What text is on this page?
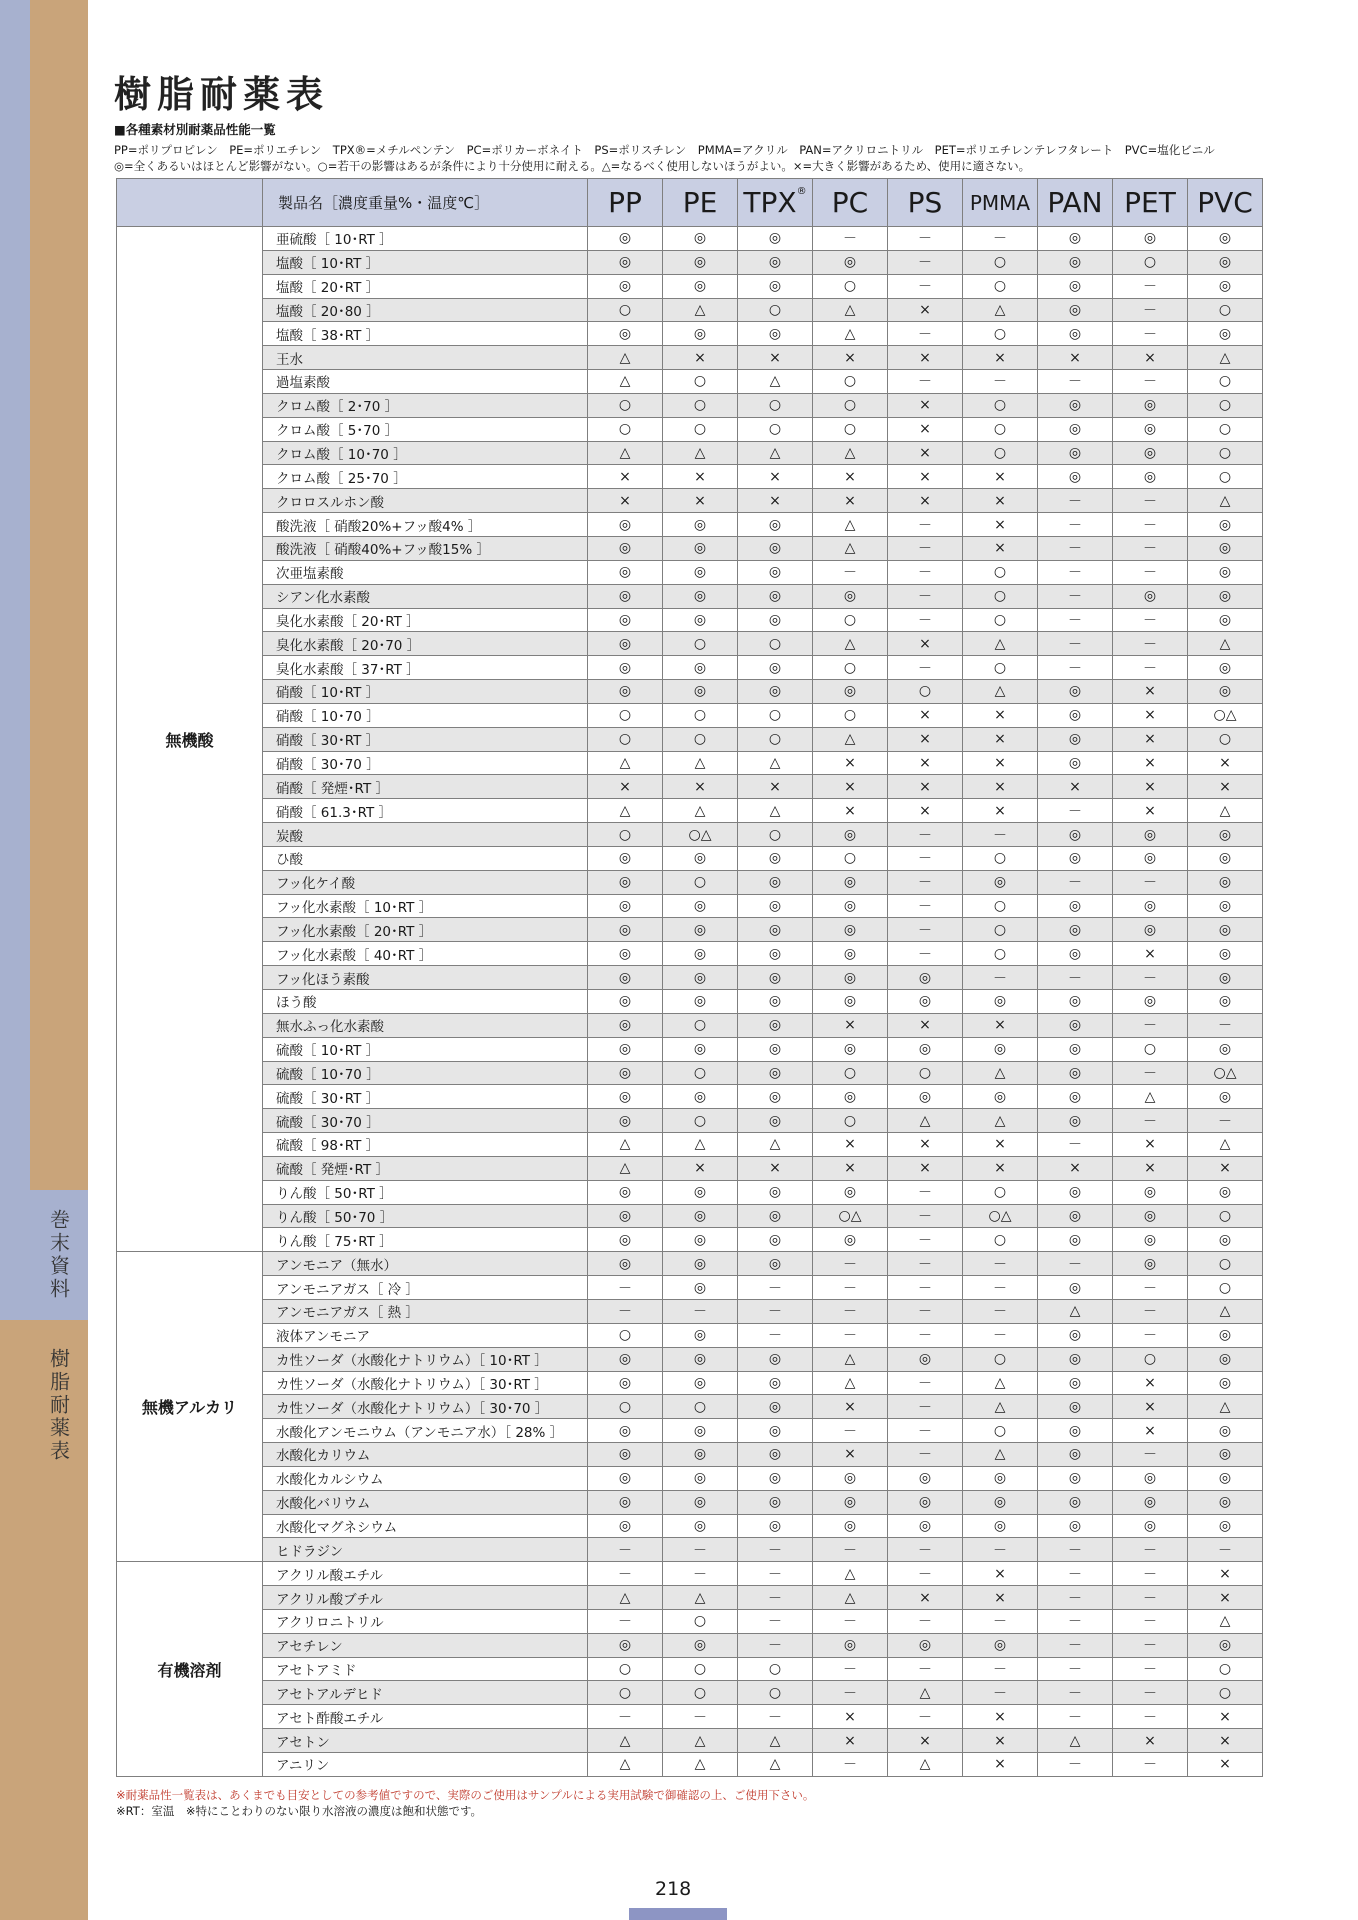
巻末資料
樹脂耐薬表
樹脂耐薬表
■各種素材別耐薬品性能一覧
PP=ポリプロピレン　PE=ポリエチレン　TPX®=メチルペンテン　PC=ポリカーボネイト　PS=ポリスチレン　PMMA=アクリル　PAN=アクリロニトリル　PET=ポリエチレンテレフタレート　PVC=塩化ビニル
◎=全くあるいはほとんど影響がない。○=若干の影響はあるが条件により十分使用に耐える。△=なるべく使用しないほうがよい。×=大きく影響があるため、使用に適さない。
	製品名［濃度重量%・温度℃］	PP	PE	TPX®	PC	PS	PMMA	PAN	PET	PVC
無機酸	亜硫酸［ 10･RT ］	◎	◎	◎	－	－	－	◎	◎	◎
	塩酸［ 10･RT ］	◎	◎	◎	◎	－	○	◎	○	◎
	塩酸［ 20･RT ］	◎	◎	◎	○	－	○	◎	－	◎
	塩酸［ 20･80 ］	○	△	○	△	×	△	◎	－	○
	塩酸［ 38･RT ］	◎	◎	◎	△	－	○	◎	－	◎
	王水	△	×	×	×	×	×	×	×	△
	過塩素酸	△	○	△	○	－	－	－	－	○
	クロム酸［ 2･70 ］	○	○	○	○	×	○	◎	◎	○
	クロム酸［ 5･70 ］	○	○	○	○	×	○	◎	◎	○
	クロム酸［ 10･70 ］	△	△	△	△	×	○	◎	◎	○
	クロム酸［ 25･70 ］	×	×	×	×	×	×	◎	◎	○
	クロロスルホン酸	×	×	×	×	×	×	－	－	△
	酸洗液［ 硝酸20%+フッ酸4% ］	◎	◎	◎	△	－	×	－	－	◎
	酸洗液［ 硝酸40%+フッ酸15% ］	◎	◎	◎	△	－	×	－	－	◎
	次亜塩素酸	◎	◎	◎	－	－	○	－	－	◎
	シアン化水素酸	◎	◎	◎	◎	－	○	－	◎	◎
	臭化水素酸［ 20･RT ］	◎	◎	◎	○	－	○	－	－	◎
	臭化水素酸［ 20･70 ］	◎	○	○	△	×	△	－	－	△
	臭化水素酸［ 37･RT ］	◎	◎	◎	○	－	○	－	－	◎
	硝酸［ 10･RT ］	◎	◎	◎	◎	○	△	◎	×	◎
	硝酸［ 10･70 ］	○	○	○	○	×	×	◎	×	○△
	硝酸［ 30･RT ］	○	○	○	△	×	×	◎	×	○
	硝酸［ 30･70 ］	△	△	△	×	×	×	◎	×	×
	硝酸［ 発煙･RT ］	×	×	×	×	×	×	×	×	×
	硝酸［ 61.3･RT ］	△	△	△	×	×	×	－	×	△
	炭酸	○	○△	○	◎	－	－	◎	◎	◎
	ひ酸	◎	◎	◎	○	－	○	◎	◎	◎
	フッ化ケイ酸	◎	○	◎	◎	－	◎	－	－	◎
	フッ化水素酸［ 10･RT ］	◎	◎	◎	◎	－	○	◎	◎	◎
	フッ化水素酸［ 20･RT ］	◎	◎	◎	◎	－	○	◎	◎	◎
	フッ化水素酸［ 40･RT ］	◎	◎	◎	◎	－	○	◎	×	◎
	フッ化ほう素酸	◎	◎	◎	◎	◎	－	－	－	◎
	ほう酸	◎	◎	◎	◎	◎	◎	◎	◎	◎
	無水ふっ化水素酸	◎	○	◎	×	×	×	◎	－	－
	硫酸［ 10･RT ］	◎	◎	◎	◎	◎	◎	◎	○	◎
	硫酸［ 10･70 ］	◎	○	◎	○	○	△	◎	－	○△
	硫酸［ 30･RT ］	◎	◎	◎	◎	◎	◎	◎	△	◎
	硫酸［ 30･70 ］	◎	○	◎	○	△	△	◎	－	－
	硫酸［ 98･RT ］	△	△	△	×	×	×	－	×	△
	硫酸［ 発煙･RT ］	△	×	×	×	×	×	×	×	×
	りん酸［ 50･RT ］	◎	◎	◎	◎	－	○	◎	◎	◎
	りん酸［ 50･70 ］	◎	◎	◎	○△	－	○△	◎	◎	○
	りん酸［ 75･RT ］	◎	◎	◎	◎	－	○	◎	◎	◎
無機アルカリ	アンモニア（無水）	◎	◎	◎	－	－	－	－	◎	○
	アンモニアガス［ 冷 ］	－	◎	－	－	－	－	◎	－	○
	アンモニアガス［ 熱 ］	－	－	－	－	－	－	△	－	△
	液体アンモニア	○	◎	－	－	－	－	◎	－	◎
	カ性ソーダ（水酸化ナトリウム）［ 10･RT ］	◎	◎	◎	△	◎	○	◎	○	◎
	カ性ソーダ（水酸化ナトリウム）［ 30･RT ］	◎	◎	◎	△	－	△	◎	×	◎
	カ性ソーダ（水酸化ナトリウム）［ 30･70 ］	○	○	◎	×	－	△	◎	×	△
	水酸化アンモニウム（アンモニア水）［ 28% ］	◎	◎	◎	－	－	○	◎	×	◎
	水酸化カリウム	◎	◎	◎	×	－	△	◎	－	◎
	水酸化カルシウム	◎	◎	◎	◎	◎	◎	◎	◎	◎
	水酸化バリウム	◎	◎	◎	◎	◎	◎	◎	◎	◎
	水酸化マグネシウム	◎	◎	◎	◎	◎	◎	◎	◎	◎
	ヒドラジン	－	－	－	－	－	－	－	－	－
有機溶剤	アクリル酸エチル	－	－	－	△	－	×	－	－	×
	アクリル酸ブチル	△	△	－	△	×	×	－	－	×
	アクリロニトリル	－	○	－	－	－	－	－	－	△
	アセチレン	◎	◎	－	◎	◎	◎	－	－	◎
	アセトアミド	○	○	○	－	－	－	－	－	○
	アセトアルデヒド	○	○	○	－	△	－	－	－	○
	アセト酢酸エチル	－	－	－	×	－	×	－	－	×
	アセトン	△	△	△	×	×	×	△	×	×
	アニリン	△	△	△	－	△	×	－	－	×
※耐薬品性一覧表は、あくまでも目安としての参考値ですので、実際のご使用はサンプルによる実用試験で御確認の上、ご使用下さい。
※RT：室温　※特にことわりのない限り水溶液の濃度は飽和状態です。
218
